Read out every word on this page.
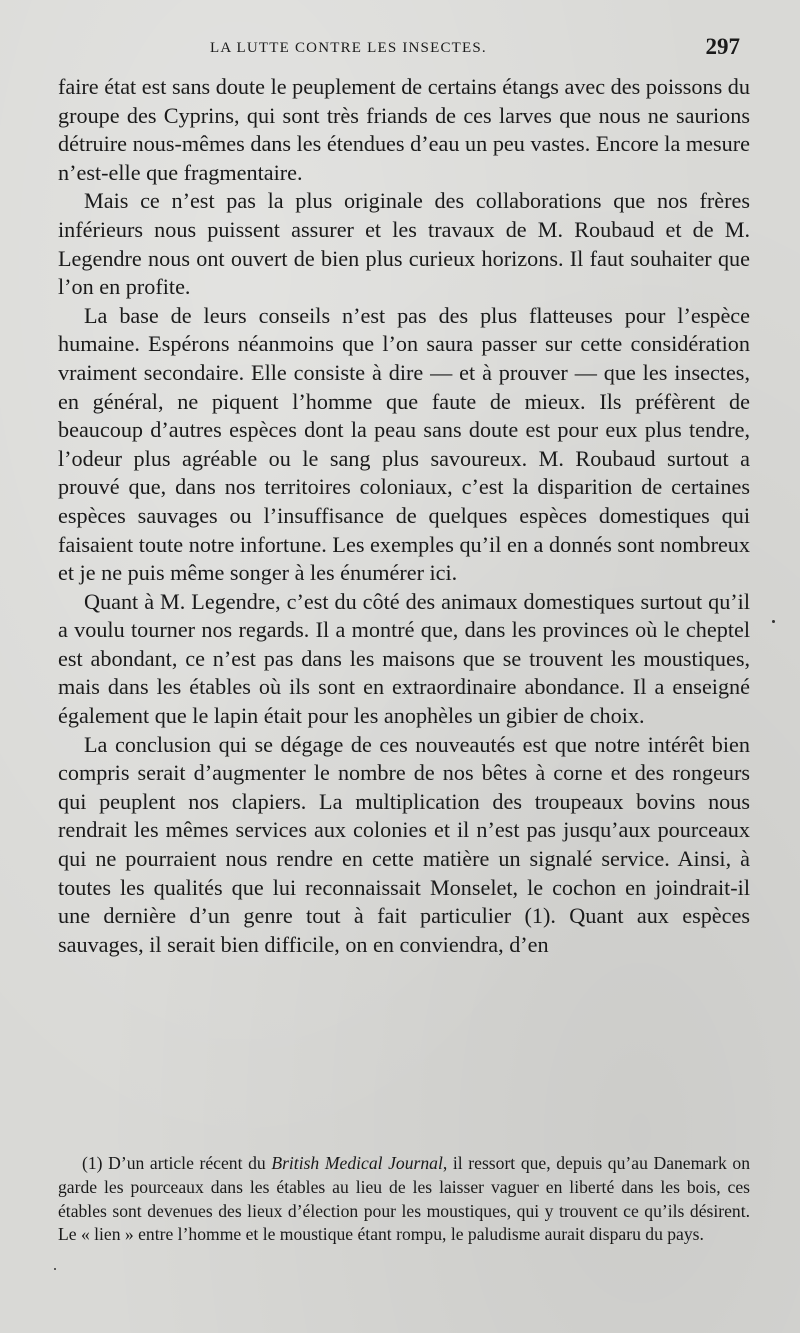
LA LUTTE CONTRE LES INSECTES.	297

faire état est sans doute le peuplement de certains étangs avec des poissons du groupe des Cyprins, qui sont très friands de ces larves que nous ne saurions détruire nous-mêmes dans les étendues d’eau un peu vastes. Encore la mesure n’est-elle que fragmentaire.

Mais ce n’est pas la plus originale des collaborations que nos frères inférieurs nous puissent assurer et les travaux de M. Roubaud et de M. Legendre nous ont ouvert de bien plus curieux horizons. Il faut souhaiter que l’on en profite.

La base de leurs conseils n’est pas des plus flatteuses pour l’espèce humaine. Espérons néanmoins que l’on saura passer sur cette considération vraiment secondaire. Elle consiste à dire — et à prouver — que les insectes, en général, ne piquent l’homme que faute de mieux. Ils préfèrent de beaucoup d’autres espèces dont la peau sans doute est pour eux plus tendre, l’odeur plus agréable ou le sang plus savoureux. M. Roubaud surtout a prouvé que, dans nos territoires coloniaux, c’est la disparition de certaines espèces sauvages ou l’insuffisance de quelques espèces domestiques qui faisaient toute notre infortune. Les exemples qu’il en a donnés sont nombreux et je ne puis même songer à les énumérer ici.

Quant à M. Legendre, c’est du côté des animaux domestiques surtout qu’il a voulu tourner nos regards. Il a montré que, dans les provinces où le cheptel est abondant, ce n’est pas dans les maisons que se trouvent les moustiques, mais dans les étables où ils sont en extraordinaire abondance. Il a enseigné également que le lapin était pour les anophèles un gibier de choix.

La conclusion qui se dégage de ces nouveautés est que notre intérêt bien compris serait d’augmenter le nombre de nos bêtes à corne et des rongeurs qui peuplent nos clapiers. La multiplication des troupeaux bovins nous rendrait les mêmes services aux colonies et il n’est pas jusqu’aux pourceaux qui ne pourraient nous rendre en cette matière un signalé service. Ainsi, à toutes les qualités que lui reconnaissait Monselet, le cochon en joindrait-il une dernière d’un genre tout à fait particulier (1). Quant aux espèces sauvages, il serait bien difficile, on en conviendra, d’en

(1) D’un article récent du British Medical Journal, il ressort que, depuis qu’au Danemark on garde les pourceaux dans les étables au lieu de les laisser vaguer en liberté dans les bois, ces étables sont devenues des lieux d’élection pour les moustiques, qui y trouvent ce qu’ils désirent. Le « lien » entre l’homme et le moustique étant rompu, le paludisme aurait disparu du pays.
